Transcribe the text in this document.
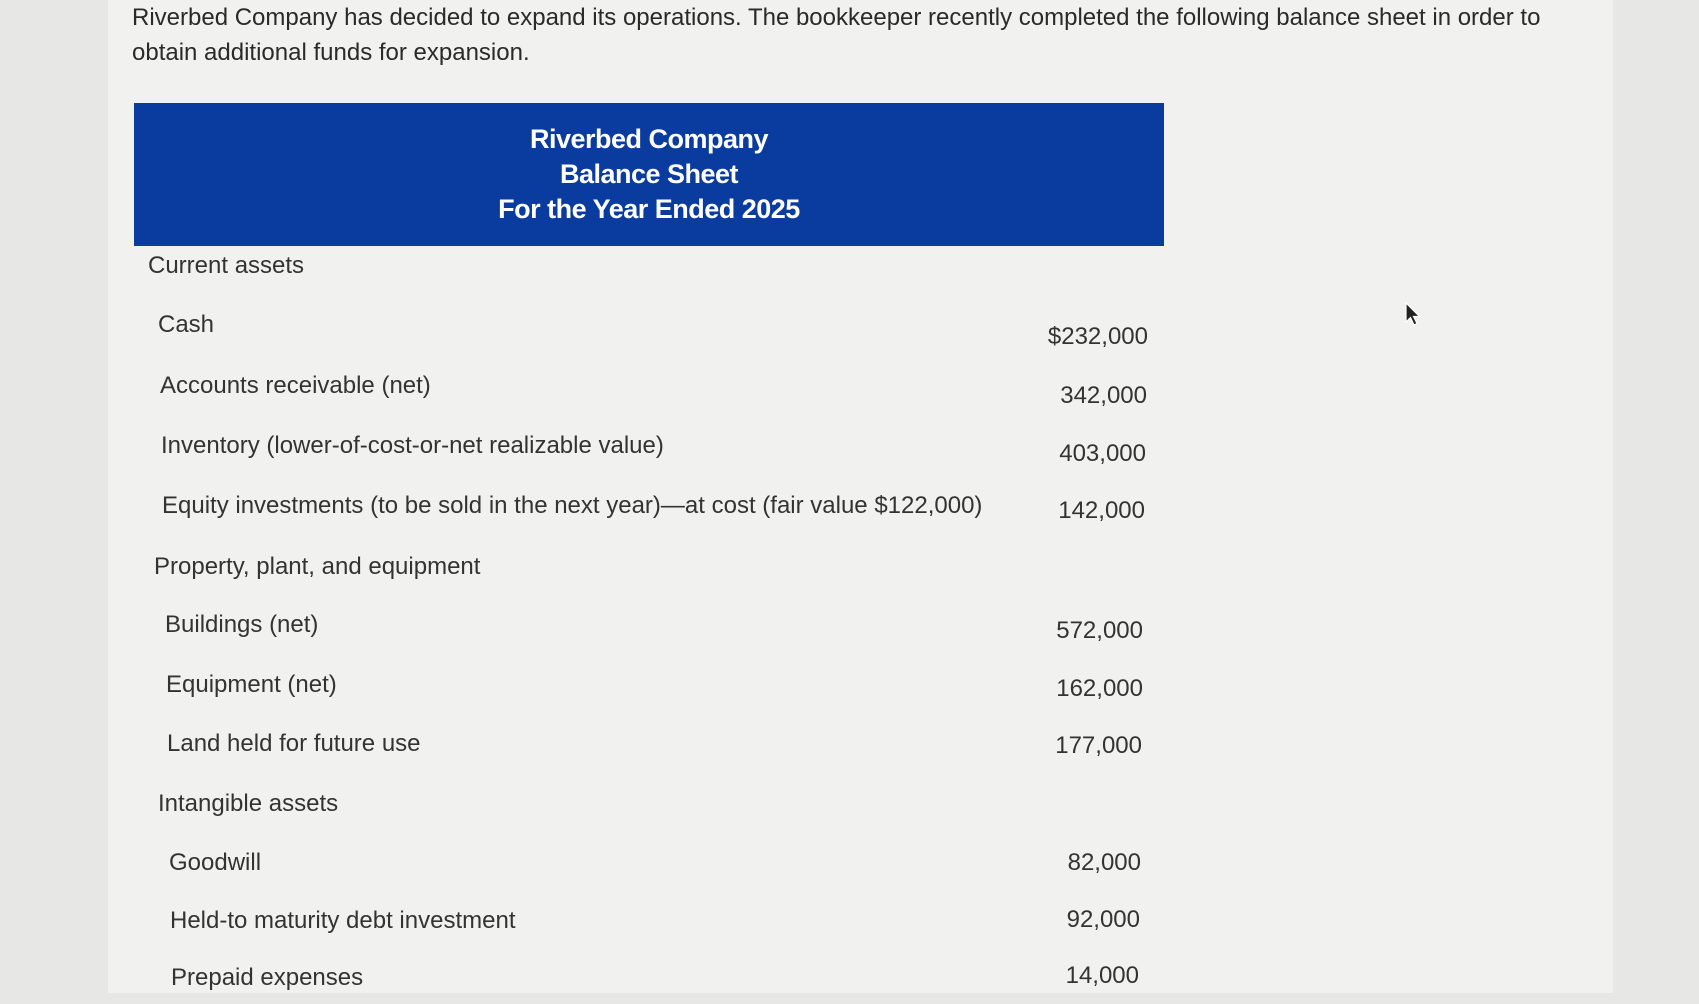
Riverbed Company has decided to expand its operations. The bookkeeper recently completed the following balance sheet in order to obtain additional funds for expansion.
Riverbed Company
Balance Sheet
For the Year Ended 2025
Current assets
Cash	$232,000
Accounts receivable (net)	342,000
Inventory (lower-of-cost-or-net realizable value)	403,000
Equity investments (to be sold in the next year)—at cost (fair value $122,000)	142,000
Property, plant, and equipment
Buildings (net)	572,000
Equipment (net)	162,000
Land held for future use	177,000
Intangible assets
Goodwill	82,000
Held-to maturity debt investment	92,000
Prepaid expenses	14,000
